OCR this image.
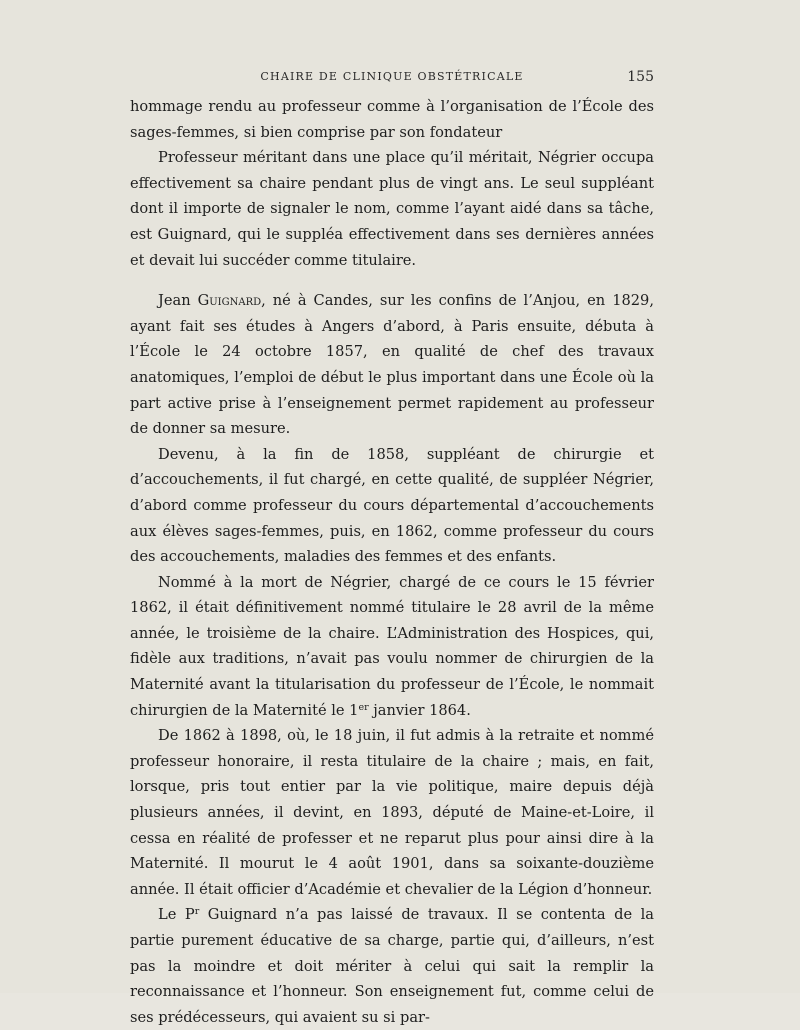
CHAIRE DE CLINIQUE OBSTÉTRICALE	155

hommage rendu au professeur comme à l’organisation de l’École des sages-femmes, si bien comprise par son fondateur

Professeur méritant dans une place qu’il méritait, Négrier occupa effectivement sa chaire pendant plus de vingt ans. Le seul suppléant dont il importe de signaler le nom, comme l’ayant aidé dans sa tâche, est Guignard, qui le suppléa effectivement dans ses dernières années et devait lui succéder comme titulaire.

Jean Guignard, né à Candes, sur les confins de l’Anjou, en 1829, ayant fait ses études à Angers d’abord, à Paris ensuite, débuta à l’École le 24 octobre 1857, en qualité de chef des travaux anatomiques, l’emploi de début le plus important dans une École où la part active prise à l’enseignement permet rapidement au professeur de donner sa mesure.

Devenu, à la fin de 1858, suppléant de chirurgie et d’accouchements, il fut chargé, en cette qualité, de suppléer Négrier, d’abord comme professeur du cours départemental d’accouchements aux élèves sages-femmes, puis, en 1862, comme professeur du cours des accouchements, maladies des femmes et des enfants.

Nommé à la mort de Négrier, chargé de ce cours le 15 février 1862, il était définitivement nommé titulaire le 28 avril de la même année, le troisième de la chaire. L’Administration des Hospices, qui, fidèle aux traditions, n’avait pas voulu nommer de chirurgien de la Maternité avant la titularisation du professeur de l’École, le nommait chirurgien de la Maternité le 1er janvier 1864.

De 1862 à 1898, où, le 18 juin, il fut admis à la retraite et nommé professeur honoraire, il resta titulaire de la chaire ; mais, en fait, lorsque, pris tout entier par la vie politique, maire depuis déjà plusieurs années, il devint, en 1893, député de Maine-et-Loire, il cessa en réalité de professer et ne reparut plus pour ainsi dire à la Maternité. Il mourut le 4 août 1901, dans sa soixante-douzième année. Il était officier d’Académie et chevalier de la Légion d’honneur.

Le $P^r$ Guignard n’a pas laissé de travaux. Il se contenta de la partie purement éducative de sa charge, partie qui, d’ailleurs, n’est pas la moindre et doit mériter à celui qui sait la remplir la reconnaissance et l’honneur. Son enseignement fut, comme celui de ses prédécesseurs, qui avaient su si par-
